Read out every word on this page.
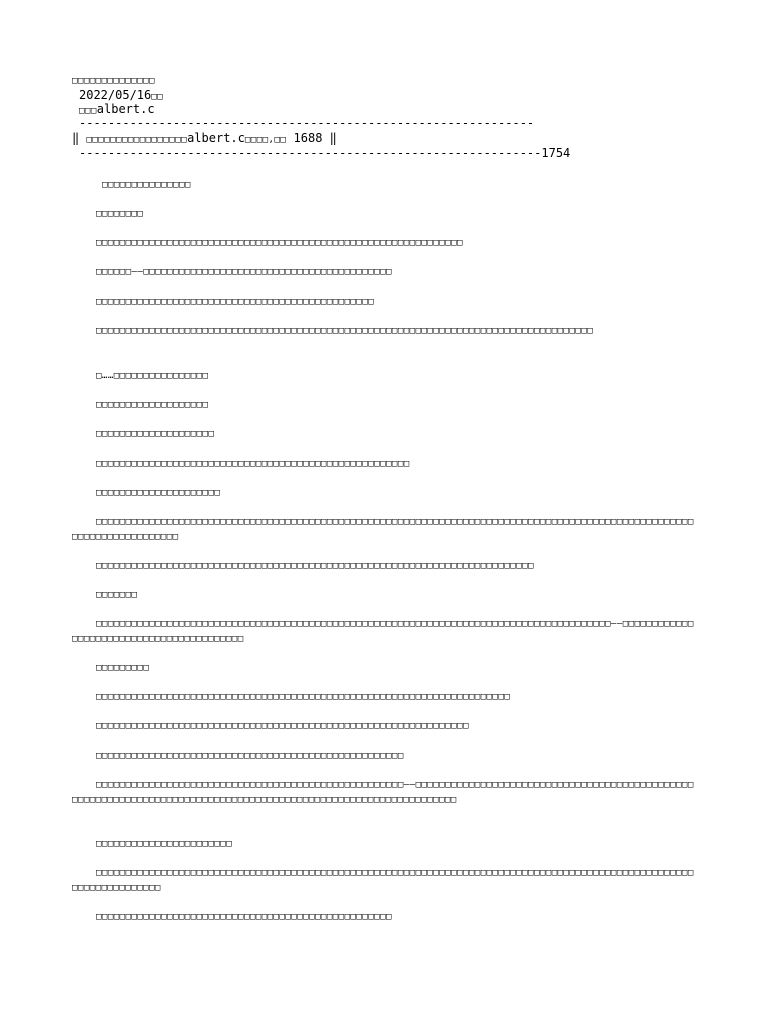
□□□□□□□□□□□□□□
2022/05/16□□
□□□albert.c
---------------------------------------------------------------
‖ □□□□□□□□□□□□□□□□□albert.c□□□□,□□ 1688 ‖
----------------------------------------------------------------1754
□□□□□□□□□□□□□□□
□□□□□□□□
□□□□□□□□□□□□□□□□□□□□□□□□□□□□□□□□□□□□□□□□□□□□□□□□□□□□□□□□□□□□□□
□□□□□□——□□□□□□□□□□□□□□□□□□□□□□□□□□□□□□□□□□□□□□□□□□
□□□□□□□□□□□□□□□□□□□□□□□□□□□□□□□□□□□□□□□□□□□□□□□
□□□□□□□□□□□□□□□□□□□□□□□□□□□□□□□□□□□□□□□□□□□□□□□□□□□□□□□□□□□□□□□□□□□□□□□□□□□□□□□□□□□□
□……□□□□□□□□□□□□□□□□
□□□□□□□□□□□□□□□□□□□
□□□□□□□□□□□□□□□□□□□□
□□□□□□□□□□□□□□□□□□□□□□□□□□□□□□□□□□□□□□□□□□□□□□□□□□□□□
□□□□□□□□□□□□□□□□□□□□□
□□□□□□□□□□□□□□□□□□□□□□□□□□□□□□□□□□□□□□□□□□□□□□□□□□□□□□□□□□□□□□□□□□□□□□□□□□□□□□□□□□□□□□□□□□□□□□□□□□□□□□□□□□□□□□□□□□□□□□□
□□□□□□□□□□□□□□□□□□□□□□□□□□□□□□□□□□□□□□□□□□□□□□□□□□□□□□□□□□□□□□□□□□□□□□□□□□
□□□□□□□
□□□□□□□□□□□□□□□□□□□□□□□□□□□□□□□□□□□□□□□□□□□□□□□□□□□□□□□□□□□□□□□□□□□□□□□□□□□□□□□□□□□□□□□——□□□□□□□□□□□□□□□□□□□□□□□□□□□□□□□□□□□□□□□□□
□□□□□□□□□
□□□□□□□□□□□□□□□□□□□□□□□□□□□□□□□□□□□□□□□□□□□□□□□□□□□□□□□□□□□□□□□□□□□□□□
□□□□□□□□□□□□□□□□□□□□□□□□□□□□□□□□□□□□□□□□□□□□□□□□□□□□□□□□□□□□□□□
□□□□□□□□□□□□□□□□□□□□□□□□□□□□□□□□□□□□□□□□□□□□□□□□□□□□
□□□□□□□□□□□□□□□□□□□□□□□□□□□□□□□□□□□□□□□□□□□□□□□□□□□□——□□□□□□□□□□□□□□□□□□□□□□□□□□□□□□□□□□□□□□□□□□□□□□□□□□□□□□□□□□□□□□□□□□□□□□□□□□□□□□□□□□□□□□□□□□□□□□□□□□□□□□□□□□□□□□□□
□□□□□□□□□□□□□□□□□□□□□□□
□□□□□□□□□□□□□□□□□□□□□□□□□□□□□□□□□□□□□□□□□□□□□□□□□□□□□□□□□□□□□□□□□□□□□□□□□□□□□□□□□□□□□□□□□□□□□□□□□□□□□□□□□□□□□□□□□□□□
□□□□□□□□□□□□□□□□□□□□□□□□□□□□□□□□□□□□□□□□□□□□□□□□□□
